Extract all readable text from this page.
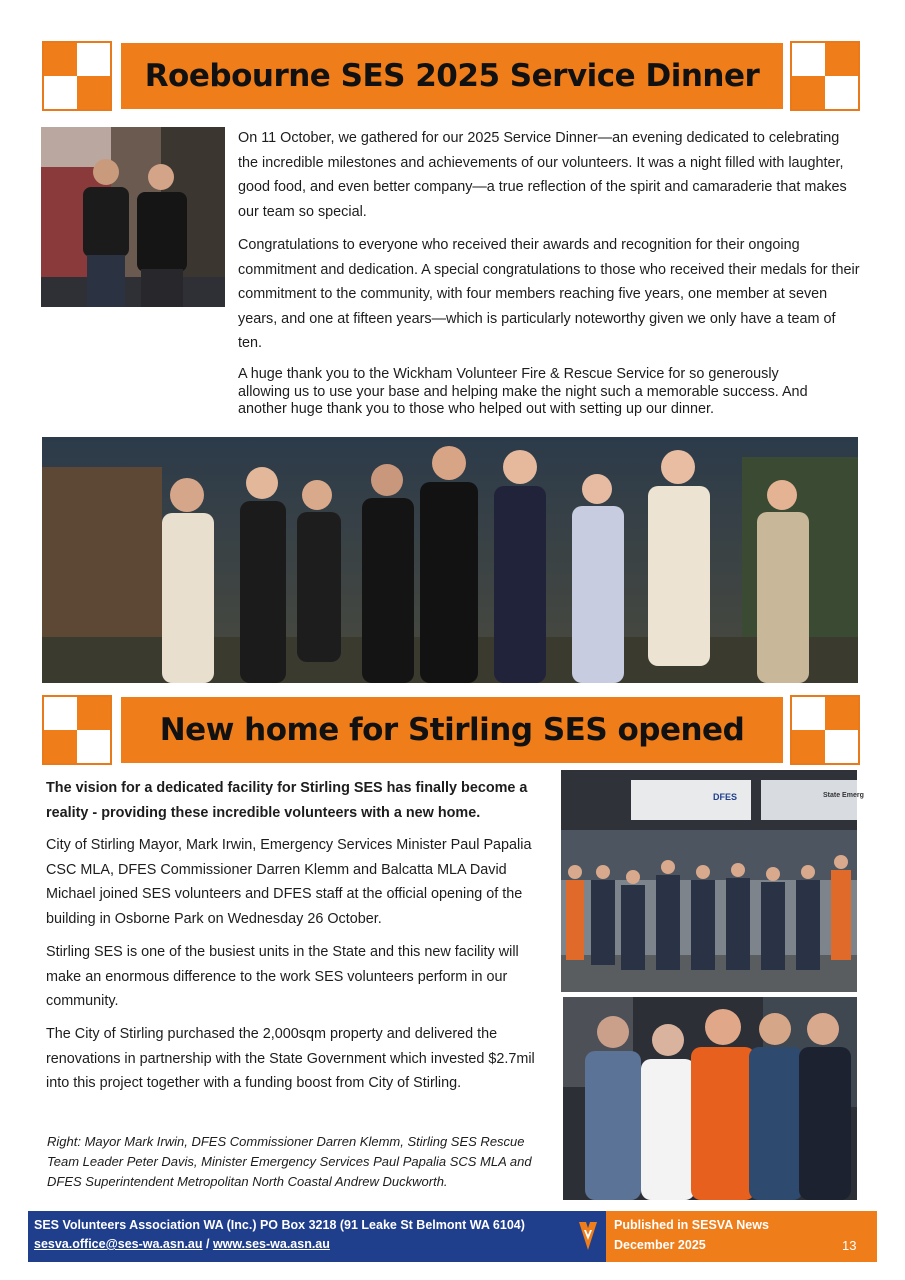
Roebourne SES 2025 Service Dinner

On 11 October, we gathered for our 2025 Service Dinner—an evening dedicated to celebrating the incredible milestones and achievements of our volunteers. It was a night filled with laughter, good food, and even better company—a true reflection of the spirit and camaraderie that makes our team so special.

Congratulations to everyone who received their awards and recognition for their ongoing commitment and dedication. A special congratulations to those who received their medals for their commitment to the community, with four members reaching five years, one member at seven years, and one at fifteen years—which is particularly noteworthy given we only have a team of ten.

A huge thank you to the Wickham Volunteer Fire & Rescue Service for so generously allowing us to use your base and helping make the night such a memorable success. And another huge thank you to those who helped out with setting up our dinner.

New home for Stirling SES opened

The vision for a dedicated facility for Stirling SES has finally become a reality - providing these incredible volunteers with a new home.

City of Stirling Mayor, Mark Irwin, Emergency Services Minister Paul Papalia CSC MLA, DFES Commissioner Darren Klemm and Balcatta MLA David Michael joined SES volunteers and DFES staff at the official opening of the building in Osborne Park on Wednesday 26 October.

Stirling SES is one of the busiest units in the State and this new facility will make an enormous difference to the work SES volunteers perform in our community.

The City of Stirling purchased the 2,000sqm property and delivered the renovations in partnership with the State Government which invested $2.7mil into this project together with a funding boost from City of Stirling.

Right: Mayor Mark Irwin, DFES Commissioner Darren Klemm, Stirling SES Rescue Team Leader Peter Davis, Minister Emergency Services Paul Papalia SCS MLA and DFES Superintendent Metropolitan North Coastal Andrew Duckworth.
DFES	State Emerg
SES Volunteers Association WA (Inc.) PO Box 3218 (91 Leake St Belmont WA 6104)
sesva.office@ses-wa.asn.au / www.ses-wa.asn.au
Published in SESVA News
December 2025	13
